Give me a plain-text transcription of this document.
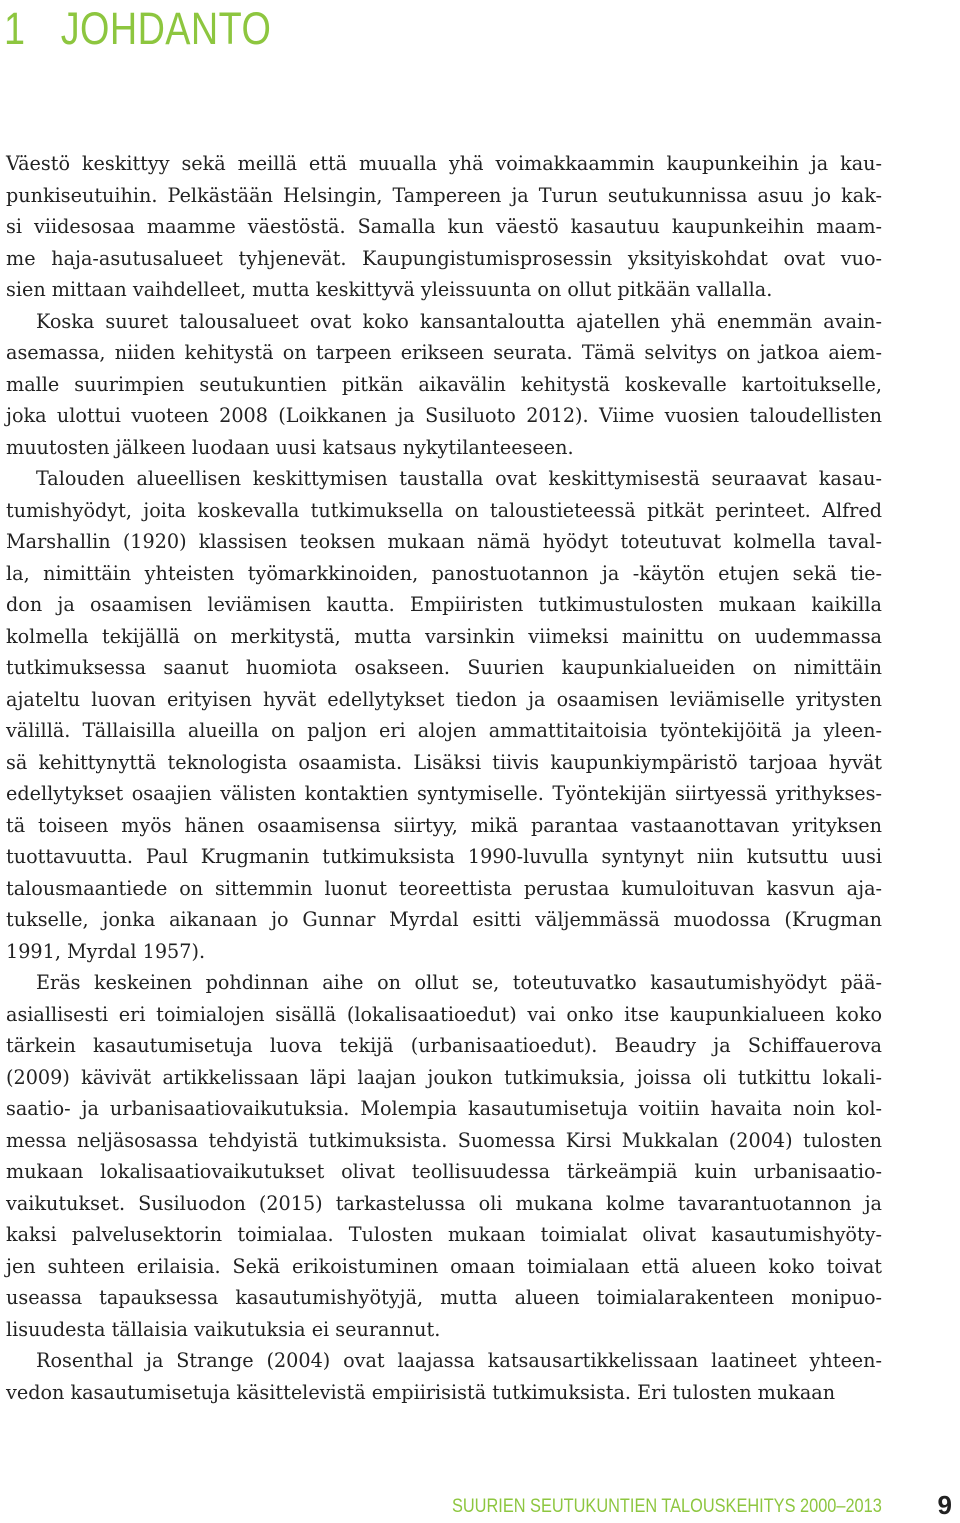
1 JOHDANTO

Väestö keskittyy sekä meillä että muualla yhä voimakkaammin kaupunkeihin ja kau-
punkiseutuihin. Pelkästään Helsingin, Tampereen ja Turun seutukunnissa asuu jo kak-
si viidesosaa maamme väestöstä. Samalla kun väestö kasautuu kaupunkeihin maam-
me haja-asutusalueet tyhjenevät. Kaupungistumisprosessin yksityiskohdat ovat vuo-
sien mittaan vaihdelleet, mutta keskittyvä yleissuunta on ollut pitkään vallalla.

Koska suuret talousalueet ovat koko kansantaloutta ajatellen yhä enemmän avain-
asemassa, niiden kehitystä on tarpeen erikseen seurata. Tämä selvitys on jatkoa aiem-
malle suurimpien seutukuntien pitkän aikavälin kehitystä koskevalle kartoitukselle,
joka ulottui vuoteen 2008 (Loikkanen ja Susiluoto 2012). Viime vuosien taloudellisten
muutosten jälkeen luodaan uusi katsaus nykytilanteeseen.

Talouden alueellisen keskittymisen taustalla ovat keskittymisestä seuraavat kasau-
tumishyödyt, joita koskevalla tutkimuksella on taloustieteessä pitkät perinteet. Alfred
Marshallin (1920) klassisen teoksen mukaan nämä hyödyt toteutuvat kolmella taval-
la, nimittäin yhteisten työmarkkinoiden, panostuotannon ja -käytön etujen sekä tie-
don ja osaamisen leviämisen kautta. Empiiristen tutkimustulosten mukaan kaikilla
kolmella tekijällä on merkitystä, mutta varsinkin viimeksi mainittu on uudemmassa
tutkimuksessa saanut huomiota osakseen. Suurien kaupunkialueiden on nimittäin
ajateltu luovan erityisen hyvät edellytykset tiedon ja osaamisen leviämiselle yritysten
välillä. Tällaisilla alueilla on paljon eri alojen ammattitaitoisia työntekijöitä ja yleen-
sä kehittynyttä teknologista osaamista. Lisäksi tiivis kaupunkiympäristö tarjoaa hyvät
edellytykset osaajien välisten kontaktien syntymiselle. Työntekijän siirtyessä yrithykses-
tä toiseen myös hänen osaamisensa siirtyy, mikä parantaa vastaanottavan yrityksen
tuottavuutta. Paul Krugmanin tutkimuksista 1990-luvulla syntynyt niin kutsuttu uusi
talousmaantiede on sittemmin luonut teoreettista perustaa kumuloituvan kasvun aja-
tukselle, jonka aikanaan jo Gunnar Myrdal esitti väljemmässä muodossa (Krugman
1991, Myrdal 1957).

Eräs keskeinen pohdinnan aihe on ollut se, toteutuvatko kasautumishyödyt pää-
asiallisesti eri toimialojen sisällä (lokalisaatioedut) vai onko itse kaupunkialueen koko
tärkein kasautumisetuja luova tekijä (urbanisaatioedut). Beaudry ja Schiffauerova
(2009) kävivät artikkelissaan läpi laajan joukon tutkimuksia, joissa oli tutkittu lokali-
saatio- ja urbanisaatiovaikutuksia. Molempia kasautumisetuja voitiin havaita noin kol-
messa neljäsosassa tehdyistä tutkimuksista. Suomessa Kirsi Mukkalan (2004) tulosten
mukaan lokalisaatiovaikutukset olivat teollisuudessa tärkeämpiä kuin urbanisaatio-
vaikutukset. Susiluodon (2015) tarkastelussa oli mukana kolme tavarantuotannon ja
kaksi palvelusektorin toimialaa. Tulosten mukaan toimialat olivat kasautumishyöty-
jen suhteen erilaisia. Sekä erikoistuminen omaan toimialaan että alueen koko toivat
useassa tapauksessa kasautumishyötyjä, mutta alueen toimialarakenteen monipuo-
lisuudesta tällaisia vaikutuksia ei seurannut.

Rosenthal ja Strange (2004) ovat laajassa katsausartikkelissaan laatineet yhteen-
vedon kasautumisetuja käsittelevistä empiirisistä tutkimuksista. Eri tulosten mukaan

SUURIEN SEUTUKUNTIEN TALOUSKEHITYS 2000–2013 9
